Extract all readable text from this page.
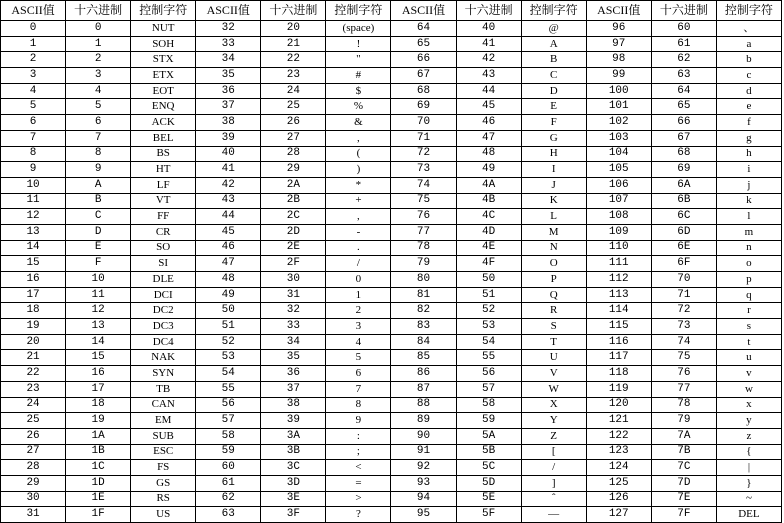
ASCII值	十六进制	控制字符	ASCII值	十六进制	控制字符	ASCII值	十六进制	控制字符	ASCII值	十六进制	控制字符
0	0	NUT	32	20	(space)	64	40	@	96	60	、
1	1	SOH	33	21	!	65	41	A	97	61	a
2	2	STX	34	22	"	66	42	B	98	62	b
3	3	ETX	35	23	#	67	43	C	99	63	c
4	4	EOT	36	24	$	68	44	D	100	64	d
5	5	ENQ	37	25	%	69	45	E	101	65	e
6	6	ACK	38	26	&	70	46	F	102	66	f
7	7	BEL	39	27	,	71	47	G	103	67	g
8	8	BS	40	28	(	72	48	H	104	68	h
9	9	HT	41	29	)	73	49	I	105	69	i
10	A	LF	42	2A	*	74	4A	J	106	6A	j
11	B	VT	43	2B	+	75	4B	K	107	6B	k
12	C	FF	44	2C	,	76	4C	L	108	6C	l
13	D	CR	45	2D	-	77	4D	M	109	6D	m
14	E	SO	46	2E	.	78	4E	N	110	6E	n
15	F	SI	47	2F	/	79	4F	O	111	6F	o
16	10	DLE	48	30	0	80	50	P	112	70	p
17	11	DCI	49	31	1	81	51	Q	113	71	q
18	12	DC2	50	32	2	82	52	R	114	72	r
19	13	DC3	51	33	3	83	53	S	115	73	s
20	14	DC4	52	34	4	84	54	T	116	74	t
21	15	NAK	53	35	5	85	55	U	117	75	u
22	16	SYN	54	36	6	86	56	V	118	76	v
23	17	TB	55	37	7	87	57	W	119	77	w
24	18	CAN	56	38	8	88	58	X	120	78	x
25	19	EM	57	39	9	89	59	Y	121	79	y
26	1A	SUB	58	3A	:	90	5A	Z	122	7A	z
27	1B	ESC	59	3B	;	91	5B	[	123	7B	{
28	1C	FS	60	3C	<	92	5C	/	124	7C	|
29	1D	GS	61	3D	=	93	5D	]	125	7D	}
30	1E	RS	62	3E	>	94	5E	ˆ	126	7E	~
31	1F	US	63	3F	?	95	5F	—	127	7F	DEL
